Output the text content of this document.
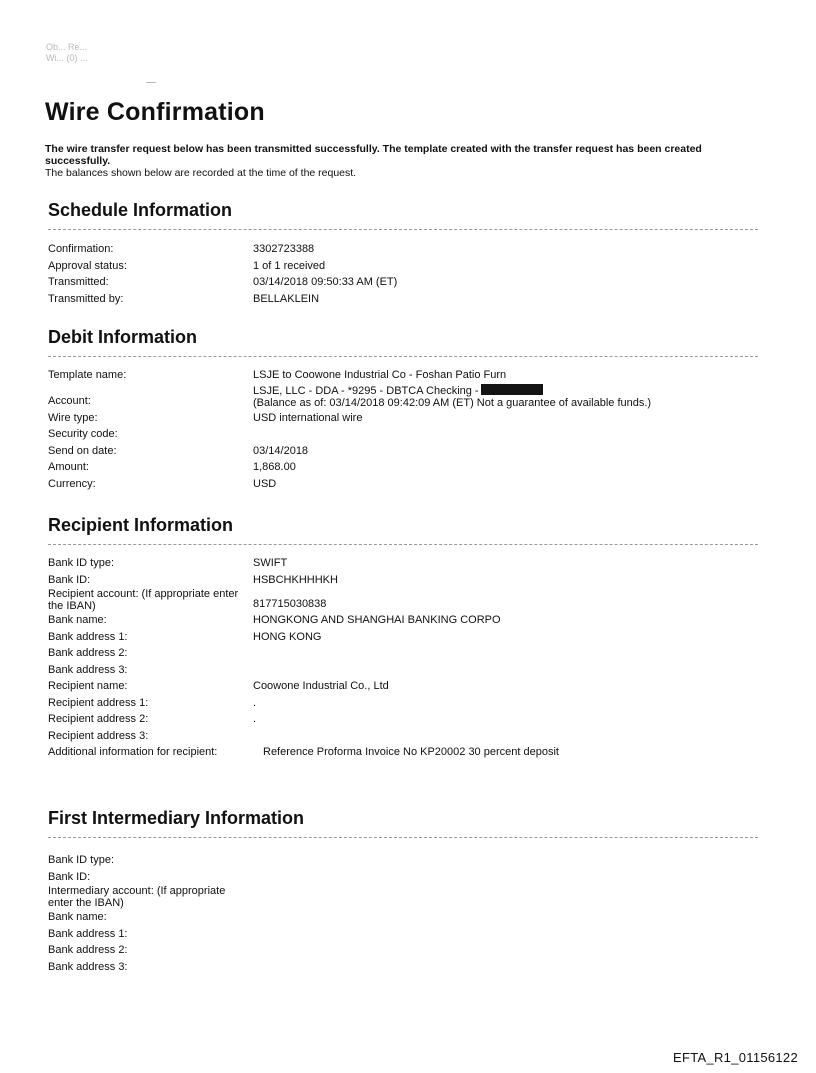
Ob... Re...
Wi... (0) ...
Wire Confirmation
The wire transfer request below has been transmitted successfully. The template created with the transfer request has been created successfully.
The balances shown below are recorded at the time of the request.
Schedule Information
Confirmation:	3302723388
Approval status:	1 of 1 received
Transmitted:	03/14/2018 09:50:33 AM (ET)
Transmitted by:	BELLAKLEIN
Debit Information
Template name:	LSJE to Coowone Industrial Co - Foshan Patio Furn
Account:
LSJE, LLC - DDA - *9295 - DBTCA Checking -
(Balance as of: 03/14/2018 09:42:09 AM (ET) Not a guarantee of available funds.)
Wire type:	USD international wire
Security code:
Send on date:	03/14/2018
Amount:	1,868.00
Currency:	USD
Recipient Information
Bank ID type:	SWIFT
Bank ID:	HSBCHKHHHKH
Recipient account: (If appropriate enter the IBAN)	817715030838
Bank name:	HONGKONG AND SHANGHAI BANKING CORPO
Bank address 1:	HONG KONG
Bank address 2:
Bank address 3:
Recipient name:	Coowone Industrial Co., Ltd
Recipient address 1:	.
Recipient address 2:	.
Recipient address 3:
Additional information for recipient:	Reference Proforma Invoice No KP20002 30 percent deposit
First Intermediary Information
Bank ID type:
Bank ID:
Intermediary account: (If appropriate enter the IBAN)
Bank name:
Bank address 1:
Bank address 2:
Bank address 3:
EFTA_R1_01156122
